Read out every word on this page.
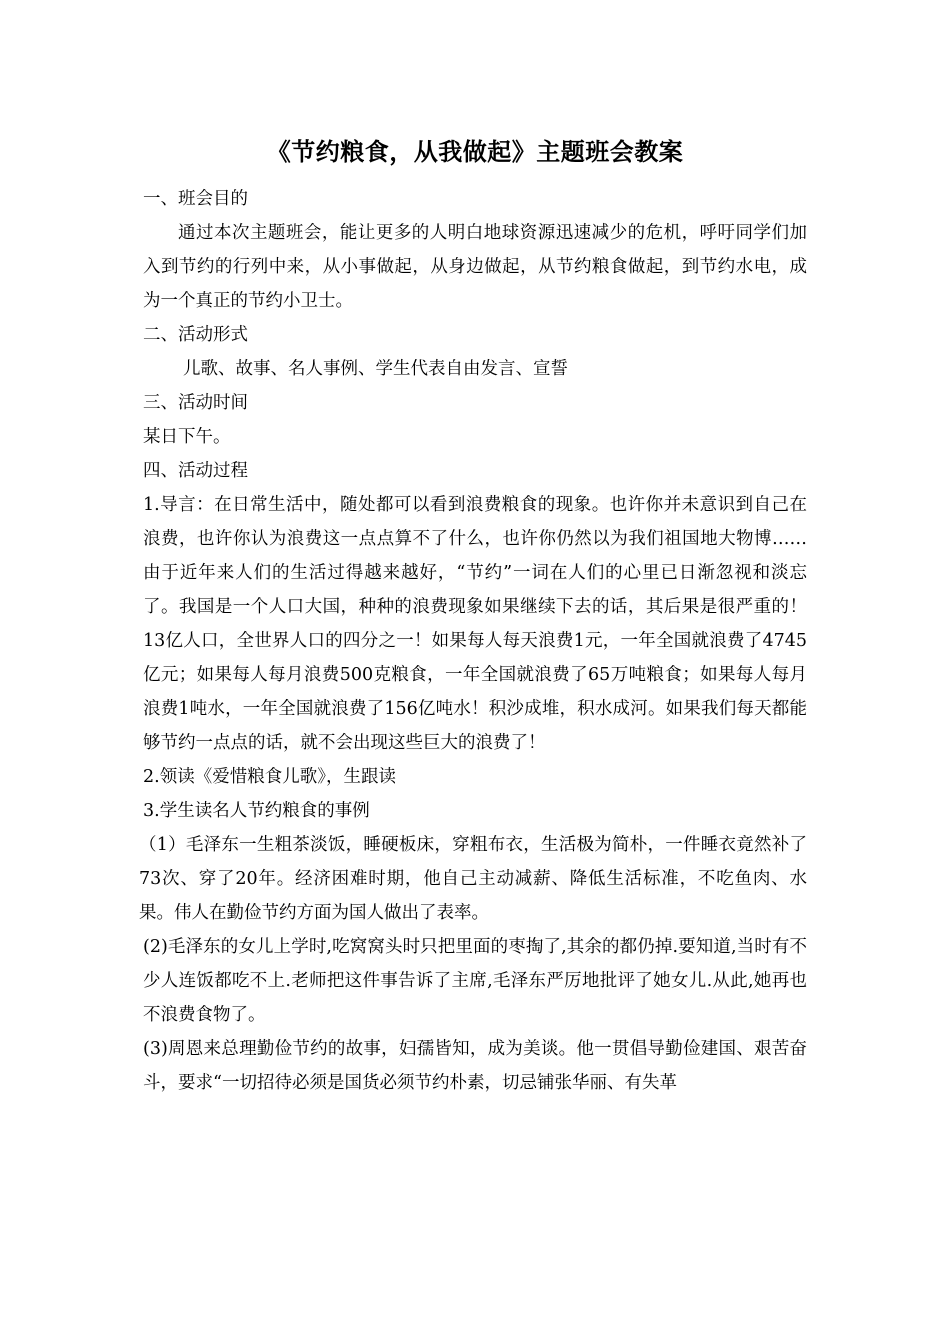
《节约粮食，从我做起》主题班会教案

一、班会目的

通过本次主题班会，能让更多的人明白地球资源迅速减少的危机，呼吁同学们加入到节约的行列中来，从小事做起，从身边做起，从节约粮食做起，到节约水电，成为一个真正的节约小卫士。

二、活动形式

儿歌、故事、名人事例、学生代表自由发言、宣誓

三、活动时间

某日下午。

四、活动过程

1.导言：在日常生活中，随处都可以看到浪费粮食的现象。也许你并未意识到自己在浪费，也许你认为浪费这一点点算不了什么，也许你仍然以为我们祖国地大物博……由于近年来人们的生活过得越来越好，“节约”一词在人们的心里已日渐忽视和淡忘了。我国是一个人口大国，种种的浪费现象如果继续下去的话，其后果是很严重的！13亿人口，全世界人口的四分之一！如果每人每天浪费1元，一年全国就浪费了4745亿元；如果每人每月浪费500克粮食，一年全国就浪费了65万吨粮食；如果每人每月浪费1吨水，一年全国就浪费了156亿吨水！积沙成堆，积水成河。如果我们每天都能够节约一点点的话，就不会出现这些巨大的浪费了！

2.领读《爱惜粮食儿歌》，生跟读

3.学生读名人节约粮食的事例

（1）毛泽东一生粗茶淡饭，睡硬板床，穿粗布衣，生活极为简朴，一件睡衣竟然补了73次、穿了20年。经济困难时期，他自己主动减薪、降低生活标准，不吃鱼肉、水果。伟人在勤俭节约方面为国人做出了表率。

(2)毛泽东的女儿上学时,吃窝窝头时只把里面的枣掏了,其余的都仍掉.要知道,当时有不少人连饭都吃不上.老师把这件事告诉了主席,毛泽东严厉地批评了她女儿.从此,她再也不浪费食物了。

(3)周恩来总理勤俭节约的故事，妇孺皆知，成为美谈。他一贯倡导勤俭建国、艰苦奋斗，要求“一切招待必须是国货必须节约朴素，切忌铺张华丽、有失革
